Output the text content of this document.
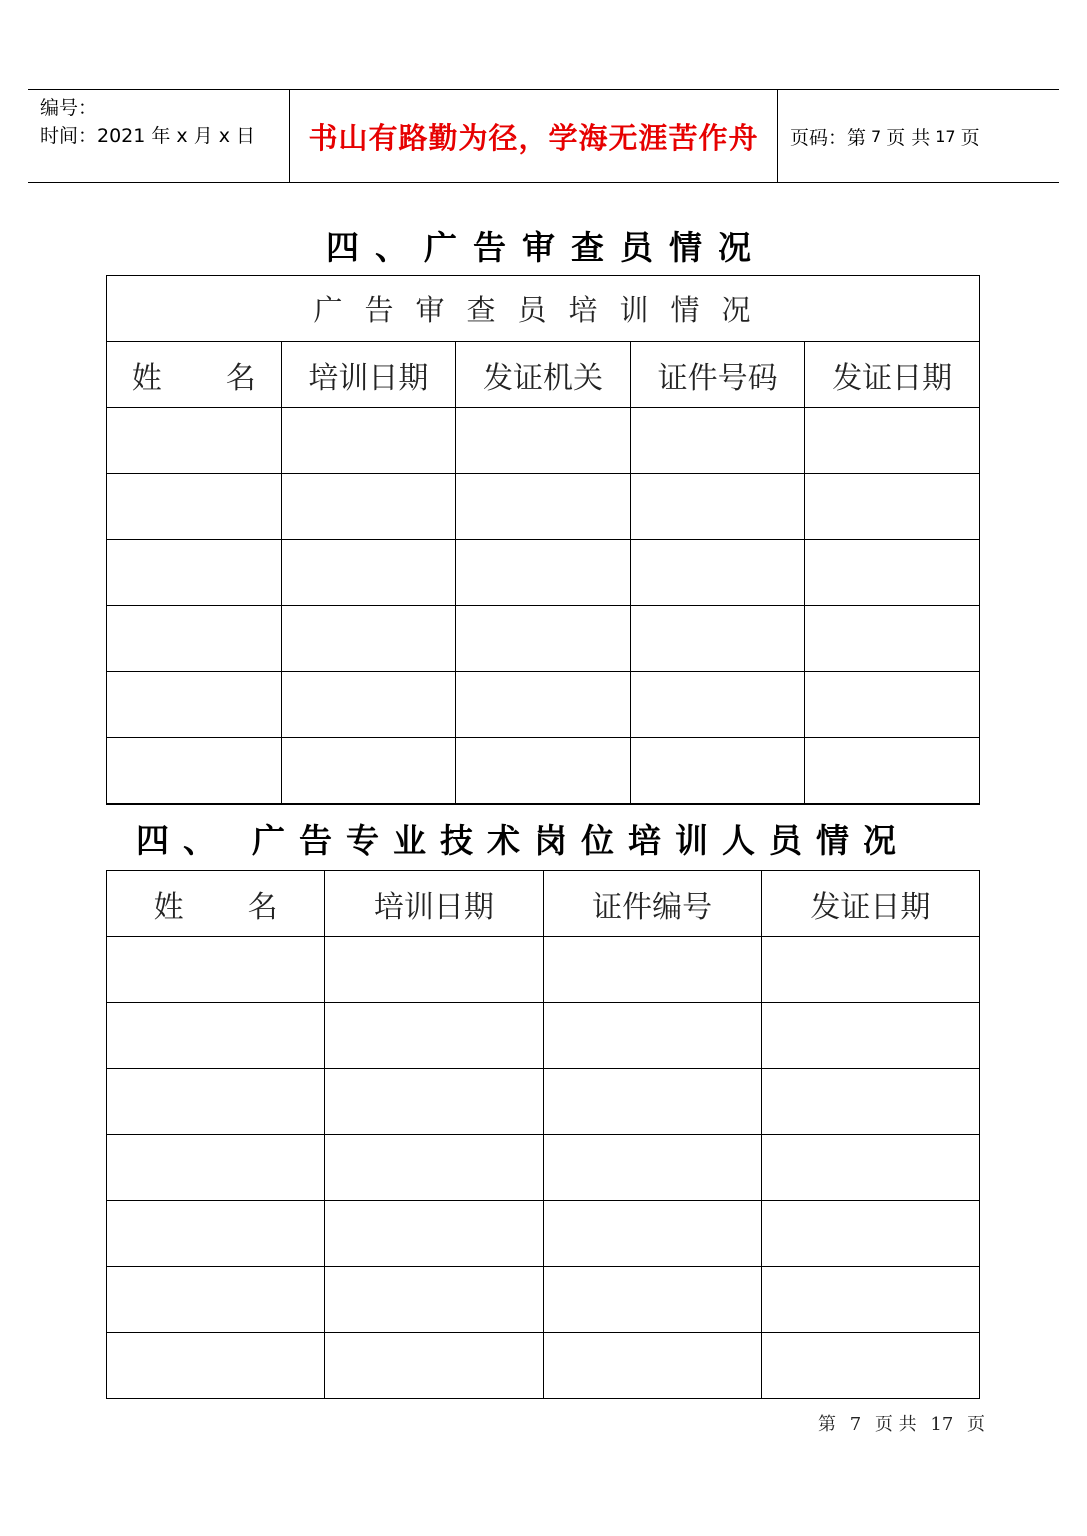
编号：
时间：2021 年 x 月 x 日	书山有路勤为径，学海无涯苦作舟 页码：第 7 页 共 17 页
四、广告审查员情况
广告审查员培训情况				
姓 名	培训日期	发证机关	证件号码	发证日期

四、 广告专业技术岗位培训人员情况
姓 名	培训日期	证件编号	发证日期

第 7 页 共 17 页
